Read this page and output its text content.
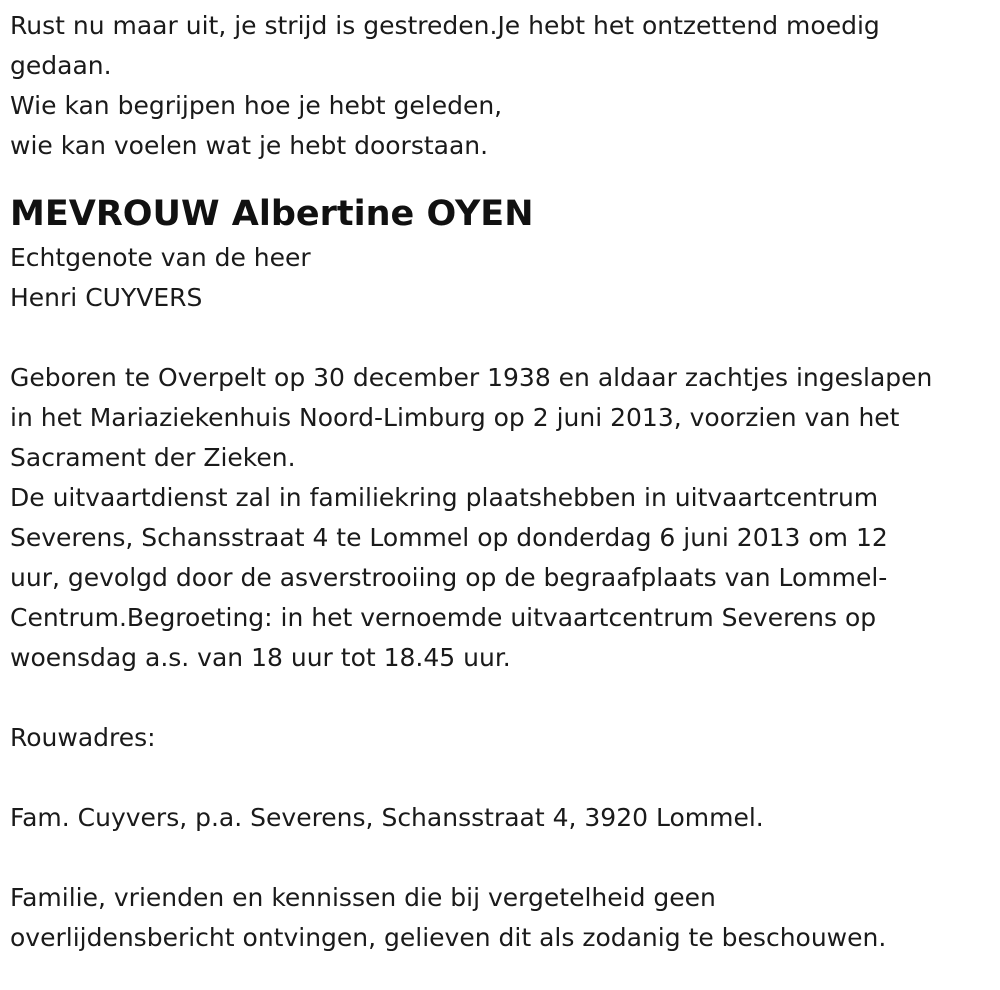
Rust nu maar uit, je strijd is gestreden.Je hebt het ontzettend moedig

gedaan.

Wie kan begrijpen hoe je hebt geleden,

wie kan voelen wat je hebt doorstaan.

MEVROUW Albertine OYEN

Echtgenote van de heer

Henri CUYVERS

Geboren te Overpelt op 30 december 1938 en aldaar zachtjes ingeslapen

in het Mariaziekenhuis Noord-Limburg op 2 juni 2013, voorzien van het

Sacrament der Zieken.

De uitvaartdienst zal in familiekring plaatshebben in uitvaartcentrum

Severens, Schansstraat 4 te Lommel op donderdag 6 juni 2013 om 12

uur, gevolgd door de asverstrooiing op de begraafplaats van Lommel-

Centrum.Begroeting: in het vernoemde uitvaartcentrum Severens op

woensdag a.s. van 18 uur tot 18.45 uur.

Rouwadres:

Fam. Cuyvers, p.a. Severens, Schansstraat 4, 3920 Lommel.

Familie, vrienden en kennissen die bij vergetelheid geen

overlijdensbericht ontvingen, gelieven dit als zodanig te beschouwen.
